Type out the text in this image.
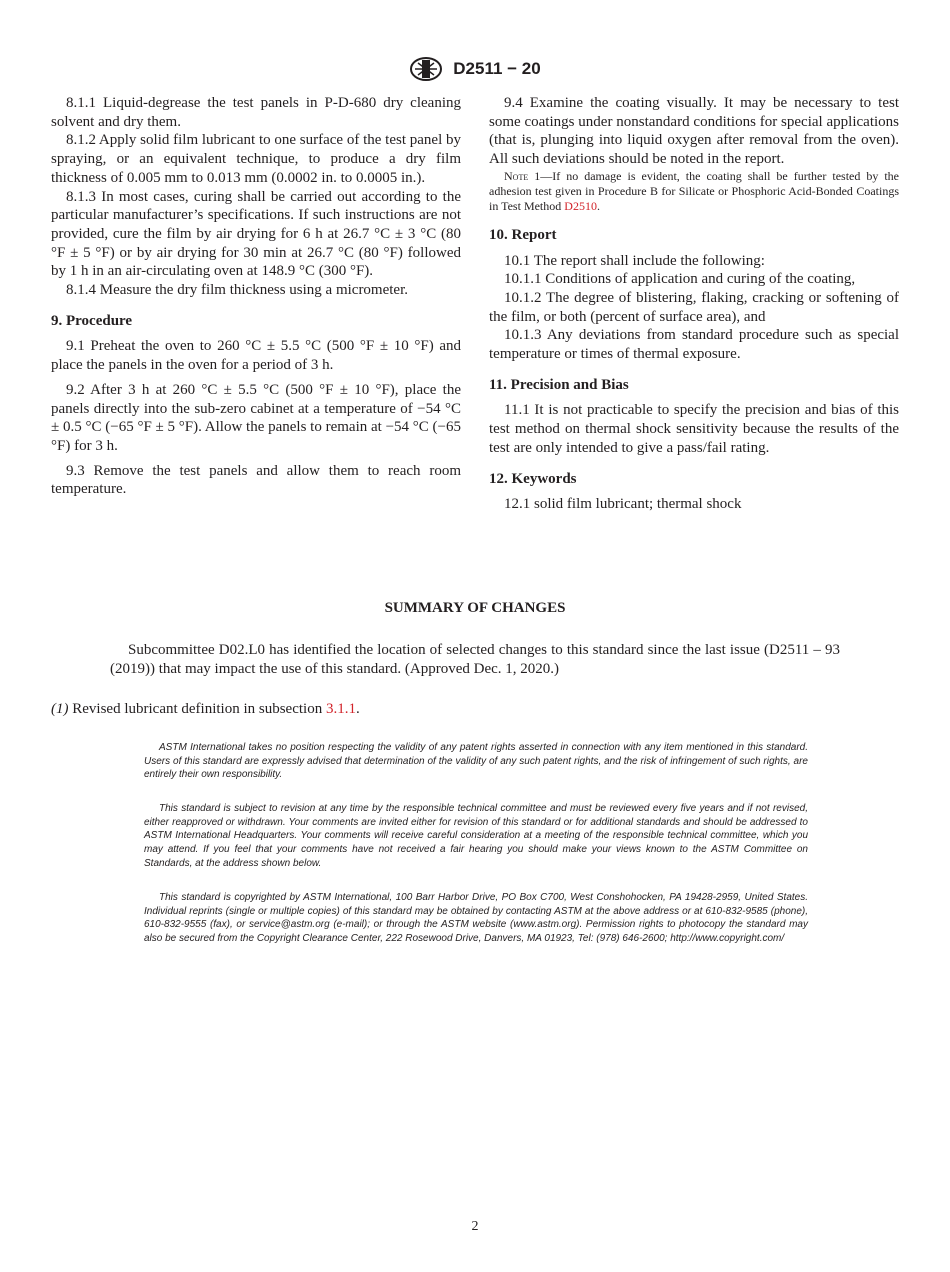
D2511 − 20

8.1.1 Liquid-degrease the test panels in P-D-680 dry cleaning solvent and dry them.

8.1.2 Apply solid film lubricant to one surface of the test panel by spraying, or an equivalent technique, to produce a dry film thickness of 0.005 mm to 0.013 mm (0.0002 in. to 0.0005 in.).

8.1.3 In most cases, curing shall be carried out according to the particular manufacturer’s specifications. If such instructions are not provided, cure the film by air drying for 6 h at 26.7 °C ± 3 °C (80 °F ± 5 °F) or by air drying for 30 min at 26.7 °C (80 °F) followed by 1 h in an air-circulating oven at 148.9 °C (300 °F).

8.1.4 Measure the dry film thickness using a micrometer.

9. Procedure

9.1 Preheat the oven to 260 °C ± 5.5 °C (500 °F ± 10 °F) and place the panels in the oven for a period of 3 h.

9.2 After 3 h at 260 °C ± 5.5 °C (500 °F ± 10 °F), place the panels directly into the sub-zero cabinet at a temperature of −54 °C ± 0.5 °C (−65 °F ± 5 °F). Allow the panels to remain at −54 °C (−65 °F) for 3 h.

9.3 Remove the test panels and allow them to reach room temperature.

9.4 Examine the coating visually. It may be necessary to test some coatings under nonstandard conditions for special applications (that is, plunging into liquid oxygen after removal from the oven). All such deviations should be noted in the report.

Note 1—If no damage is evident, the coating shall be further tested by the adhesion test given in Procedure B for Silicate or Phosphoric Acid-Bonded Coatings in Test Method D2510.

10. Report

10.1 The report shall include the following:

10.1.1 Conditions of application and curing of the coating,

10.1.2 The degree of blistering, flaking, cracking or softening of the film, or both (percent of surface area), and

10.1.3 Any deviations from standard procedure such as special temperature or times of thermal exposure.

11. Precision and Bias

11.1 It is not practicable to specify the precision and bias of this test method on thermal shock sensitivity because the results of the test are only intended to give a pass/fail rating.

12. Keywords

12.1 solid film lubricant; thermal shock

SUMMARY OF CHANGES

Subcommittee D02.L0 has identified the location of selected changes to this standard since the last issue (D2511 – 93 (2019)) that may impact the use of this standard. (Approved Dec. 1, 2020.)

(1) Revised lubricant definition in subsection 3.1.1.

ASTM International takes no position respecting the validity of any patent rights asserted in connection with any item mentioned in this standard. Users of this standard are expressly advised that determination of the validity of any such patent rights, and the risk of infringement of such rights, are entirely their own responsibility.

This standard is subject to revision at any time by the responsible technical committee and must be reviewed every five years and if not revised, either reapproved or withdrawn. Your comments are invited either for revision of this standard or for additional standards and should be addressed to ASTM International Headquarters. Your comments will receive careful consideration at a meeting of the responsible technical committee, which you may attend. If you feel that your comments have not received a fair hearing you should make your views known to the ASTM Committee on Standards, at the address shown below.

This standard is copyrighted by ASTM International, 100 Barr Harbor Drive, PO Box C700, West Conshohocken, PA 19428-2959, United States. Individual reprints (single or multiple copies) of this standard may be obtained by contacting ASTM at the above address or at 610-832-9585 (phone), 610-832-9555 (fax), or service@astm.org (e-mail); or through the ASTM website (www.astm.org). Permission rights to photocopy the standard may also be secured from the Copyright Clearance Center, 222 Rosewood Drive, Danvers, MA 01923, Tel: (978) 646-2600; http://www.copyright.com/

2
